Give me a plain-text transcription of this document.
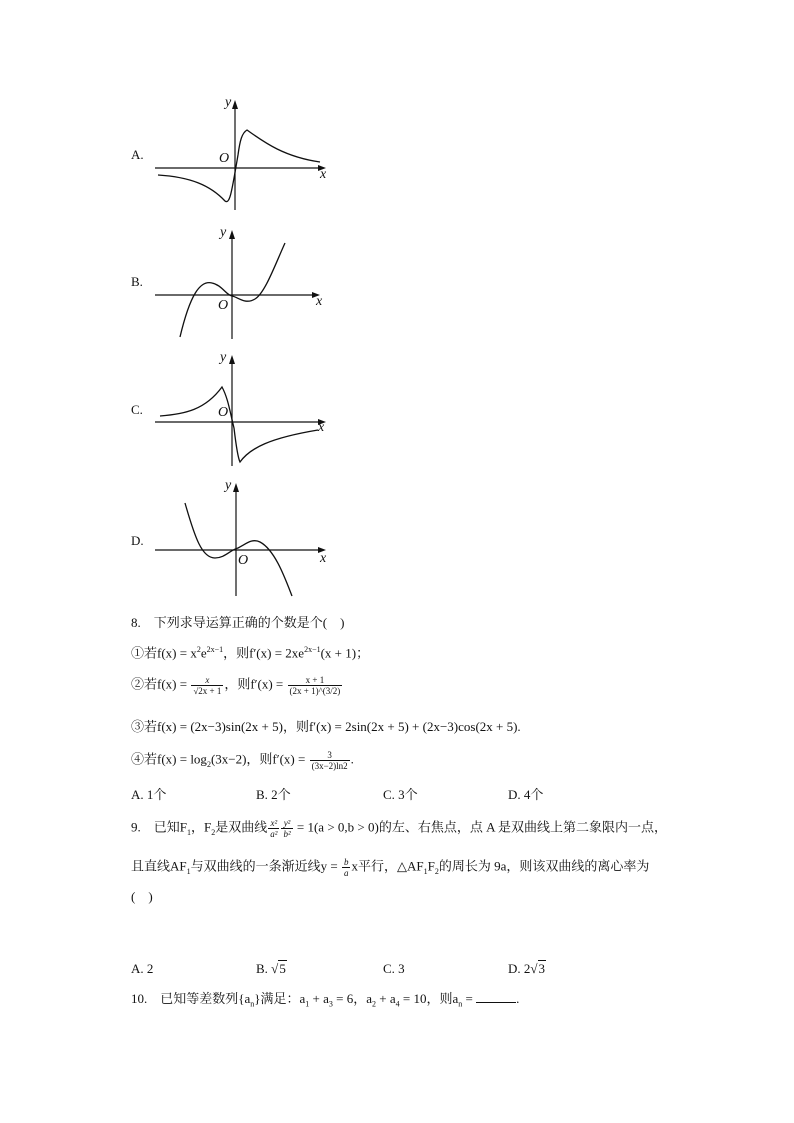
A.
y
O
x
B.
y
O	x
C.
y
O
x
D.
y
O	x
8.　下列求导运算正确的个数是个(　)
①若$f(x) = x^2e^{2x-1}$，则$f'(x) = 2xe^{2x-1}(x + 1)$；
②若$f(x) = \frac{x}{√2x + 1}$ ，则$f'(x) = \frac{x + 1}{(2x + 1)\^{}(3/2)}$
③若f(x) = (2x−3)sin(2x + 5)，则f′(x) = 2sin(2x + 5) + (2x−3)cos(2x + 5).
④若$f(x) = \log_2(3x-2)$，则$f'(x) = \frac{3}{(3x-2)\ln 2}$ .
A. 1个	B. 2个	C. 3个	D. 4个
9.　已知$F_1$，$F_2$是双曲线 $\frac{\text{x²}}{\text{a²}} \frac{\text{y²}}{\text{b²}} = 1(a > 0,b > 0)$的左、右焦点，点 A 是双曲线上第二象限内一点，
且直线$AF_1$与双曲线的一条渐近线$y = \frac{b}{a}$ x平行，$\triangle AF_1F_2$的周长为 9a，则该双曲线的离心率为
(　)
A. 2	B. √5	C. 3	D. 2√3
10.　已知等差数列$\{a_n\}$满足：$a_1 + a_3 = 6$，$a_2 + a_4 = 10$，则$a_n$ =	.
